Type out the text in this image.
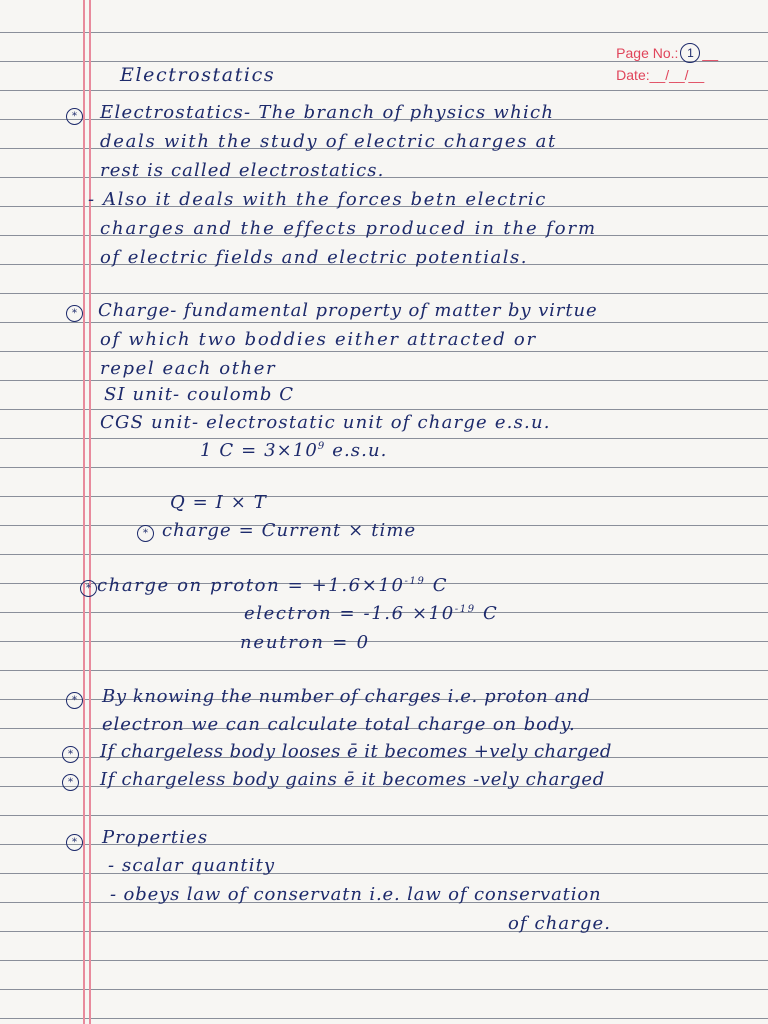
Page No.: 1 __
Date:__/__/__
Electrostatics
*	Electrostatics- The branch of physics which
deals with the study of electric charges at
rest is called electrostatics.
- Also it deals with the forces betn electric
charges and the effects produced in the form
of electric fields and electric potentials.
*	Charge- fundamental property of matter by virtue
of which two boddies either attracted or
repel each other
SI unit- coulomb C
CGS unit- electrostatic unit of charge e.s.u.
1 $C = 3\times 10^9$ e.s.u.
Q = I × T
* charge = Current × time
* charge on proton = $+1.6\times 10^{-19}$ C
electron = $-1.6 \times 10^{-19}$ C
neutron = 0
*	By knowing the number of charges i.e. proton and
electron we can calculate total charge on body.
*	If chargeless body looses ē it becomes +vely charged
*	If chargeless body gains ē it becomes -vely charged
*	Properties
- scalar quantity
- obeys law of conservatn i.e. law of conservation
of charge.
